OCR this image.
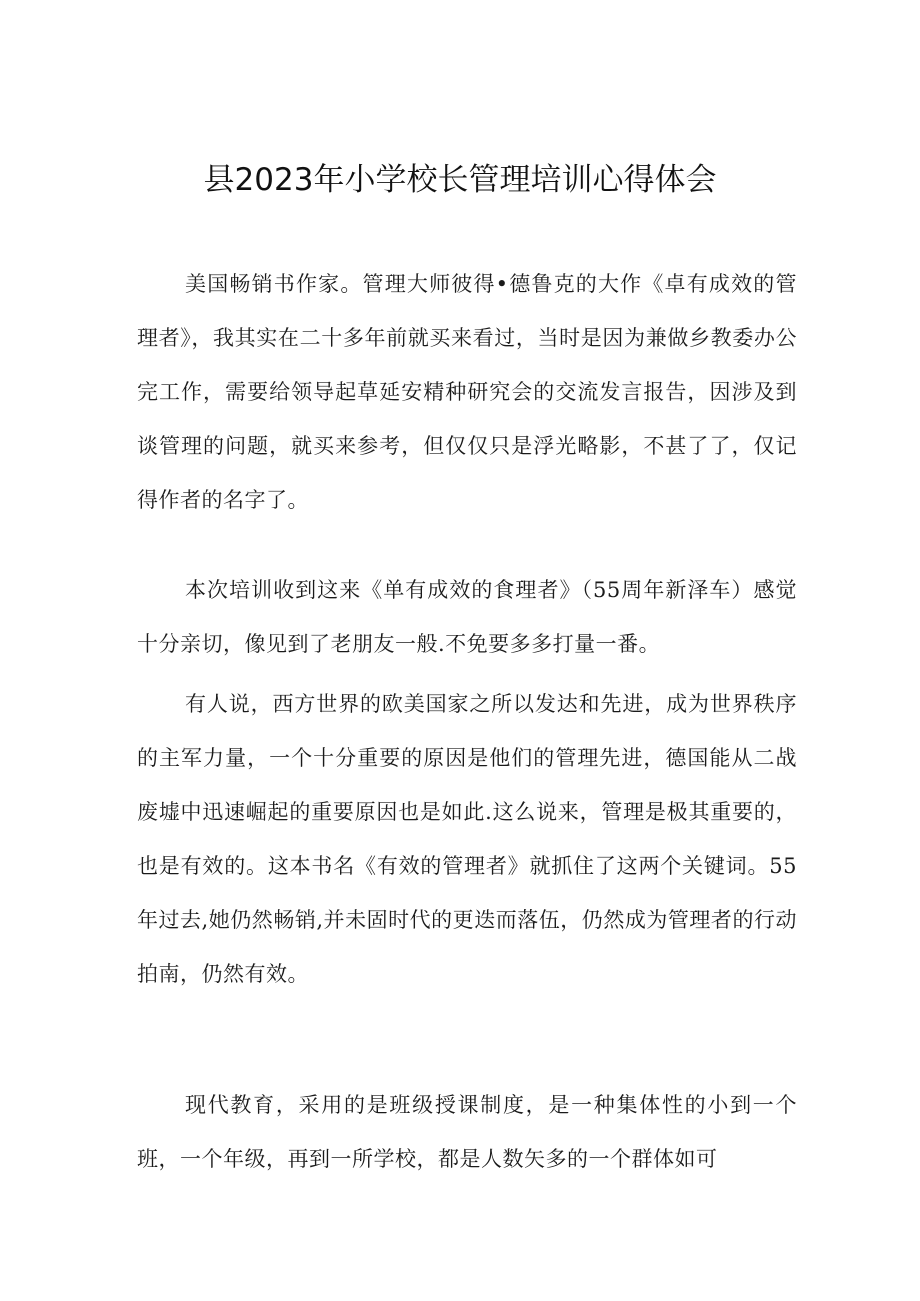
县2023年小学校长管理培训心得体会

美国畅销书作家。管理大师彼得•德鲁克的大作《卓有成效的管理者》，我其实在二十多年前就买来看过，当时是因为兼做乡教委办公完工作，需要给领导起草延安精种研究会的交流发言报告，因涉及到谈管理的问题，就买来参考，但仅仅只是浮光略影，不甚了了，仅记得作者的名字了。

本次培训收到这来《单有成效的食理者》（55周年新泽车）感觉十分亲切，像见到了老朋友一般.不免要多多打量一番。

有人说，西方世界的欧美国家之所以发达和先进，成为世界秩序的主军力量，一个十分重要的原因是他们的管理先进，德国能从二战废墟中迅速崛起的重要原因也是如此.这么说来，管理是极其重要的，也是有效的。这本书名《有效的管理者》就抓住了这两个关键词。55年过去,她仍然畅销,并未固时代的更迭而落伍，仍然成为管理者的行动拍南，仍然有效。

现代教育，采用的是班级授课制度，是一种集体性的小到一个班，一个年级，再到一所学校，都是人数矢多的一个群体如可
